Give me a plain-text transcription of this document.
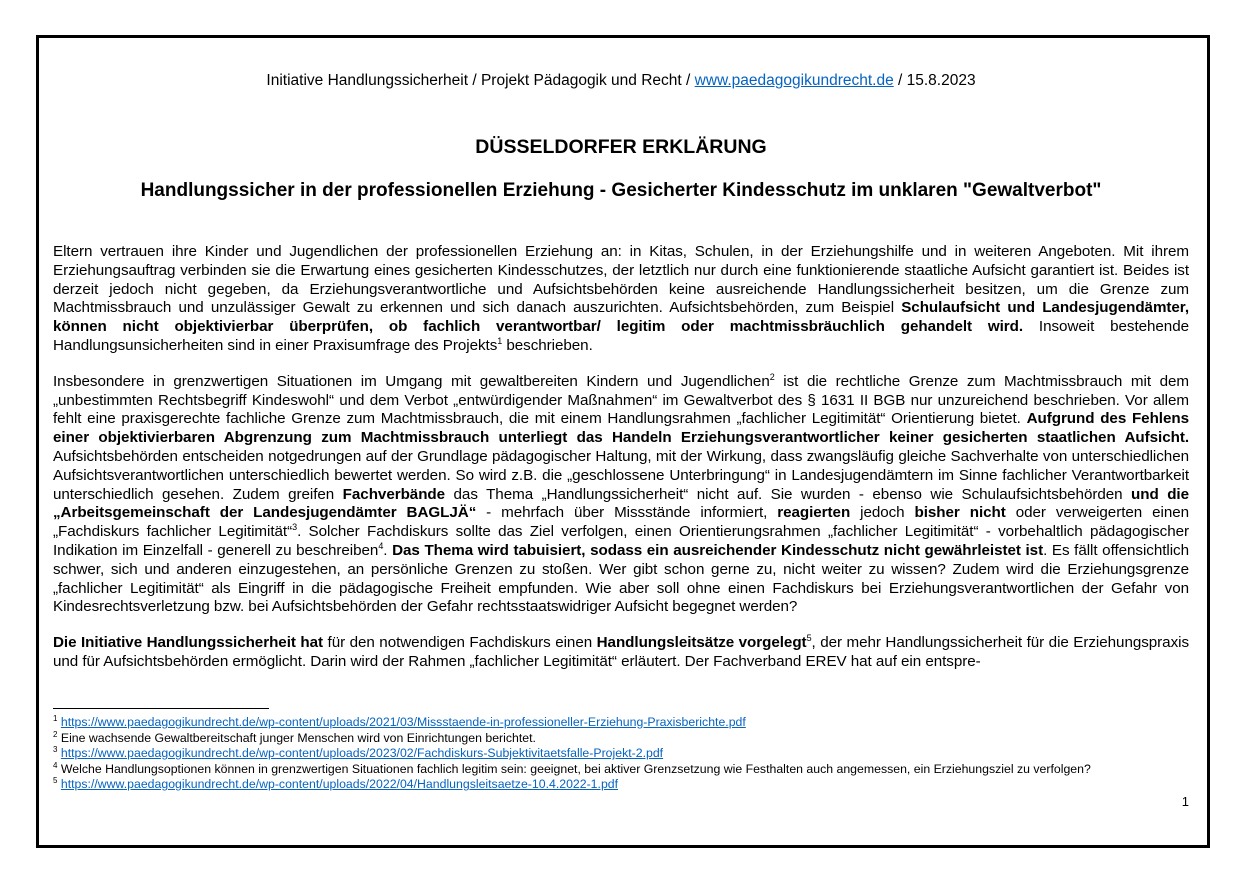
Initiative Handlungssicherheit / Projekt Pädagogik und Recht / www.paedagogikundrecht.de / 15.8.2023
DÜSSELDORFER ERKLÄRUNG
Handlungssicher in der professionellen Erziehung - Gesicherter Kindesschutz im unklaren "Gewaltverbot"

Eltern vertrauen ihre Kinder und Jugendlichen der professionellen Erziehung an: in Kitas, Schulen, in der Erziehungshilfe und in weiteren Angeboten. Mit ihrem Erziehungsauftrag verbinden sie die Erwartung eines gesicherten Kindesschutzes, der letztlich nur durch eine funktionierende staatliche Aufsicht garantiert ist. Beides ist derzeit jedoch nicht gegeben, da Erziehungsverantwortliche und Aufsichtsbehörden keine ausreichende Handlungssicherheit besitzen, um die Grenze zum Machtmissbrauch und unzulässiger Gewalt zu erkennen und sich danach auszurichten. Aufsichtsbehörden, zum Beispiel Schulaufsicht und Landesjugendämter, können nicht objektivierbar überprüfen, ob fachlich verantwortbar/ legitim oder machtmissbräuchlich gehandelt wird. Insoweit bestehende Handlungsunsicherheiten sind in einer Praxisumfrage des Projekts$^1$ beschrieben.

Insbesondere in grenzwertigen Situationen im Umgang mit gewaltbereiten Kindern und Jugendlichen$^2$ ist die rechtliche Grenze zum Machtmissbrauch mit dem „unbestimmten Rechtsbegriff Kindeswohl“ und dem Verbot „entwürdigender Maßnahmen“ im Gewaltverbot des § 1631 II BGB nur unzureichend beschrieben. Vor allem fehlt eine praxisgerechte fachliche Grenze zum Machtmissbrauch, die mit einem Handlungsrahmen „fachlicher Legitimität“ Orientierung bietet. Aufgrund des Fehlens einer objektivierbaren Abgrenzung zum Machtmissbrauch unterliegt das Handeln Erziehungsverantwortlicher keiner gesicherten staatlichen Aufsicht. Aufsichtsbehörden entscheiden notgedrungen auf der Grundlage pädagogischer Haltung, mit der Wirkung, dass zwangsläufig gleiche Sachverhalte von unterschiedlichen Aufsichtsverantwortlichen unterschiedlich bewertet werden. So wird z.B. die „geschlossene Unterbringung“ in Landesjugendämtern im Sinne fachlicher Verantwortbarkeit unterschiedlich gesehen. Zudem greifen Fachverbände das Thema „Handlungssicherheit“ nicht auf. Sie wurden - ebenso wie Schulaufsichtsbehörden und die „Arbeitsgemeinschaft der Landesjugendämter BAGLJÄ“ - mehrfach über Missstände informiert, reagierten jedoch bisher nicht oder verweigerten einen „Fachdiskurs fachlicher Legitimität“$^3$. Solcher Fachdiskurs sollte das Ziel verfolgen, einen Orientierungsrahmen „fachlicher Legitimität“ - vorbehaltlich pädagogischer Indikation im Einzelfall - generell zu beschreiben$^4$. Das Thema wird tabuisiert, sodass ein ausreichender Kindesschutz nicht gewährleistet ist. Es fällt offensichtlich schwer, sich und anderen einzugestehen, an persönliche Grenzen zu stoßen. Wer gibt schon gerne zu, nicht weiter zu wissen? Zudem wird die Erziehungsgrenze „fachlicher Legitimität“ als Eingriff in die pädagogische Freiheit empfunden. Wie aber soll ohne einen Fachdiskurs bei Erziehungsverantwortlichen der Gefahr von Kindesrechtsverletzung bzw. bei Aufsichtsbehörden der Gefahr rechtsstaatswidriger Aufsicht begegnet werden?

Die Initiative Handlungssicherheit hat für den notwendigen Fachdiskurs einen Handlungsleitsätze vorgelegt$^5$, der mehr Handlungssicherheit für die Erziehungspraxis und für Aufsichtsbehörden ermöglicht. Darin wird der Rahmen „fachlicher Legitimität“ erläutert. Der Fachverband EREV hat auf ein entspre-

$^1$ https://www.paedagogikundrecht.de/wp-content/uploads/2021/03/Missstaende-in-professioneller-Erziehung-Praxisberichte.pdf
$^2$ Eine wachsende Gewaltbereitschaft junger Menschen wird von Einrichtungen berichtet.
$^3$ https://www.paedagogikundrecht.de/wp-content/uploads/2023/02/Fachdiskurs-Subjektivitaetsfalle-Projekt-2.pdf
$^4$ Welche Handlungsoptionen können in grenzwertigen Situationen fachlich legitim sein: geeignet, bei aktiver Grenzsetzung wie Festhalten auch angemessen, ein Erziehungsziel zu verfolgen?
$^5$ https://www.paedagogikundrecht.de/wp-content/uploads/2022/04/Handlungsleitsaetze-10.4.2022-1.pdf
1
